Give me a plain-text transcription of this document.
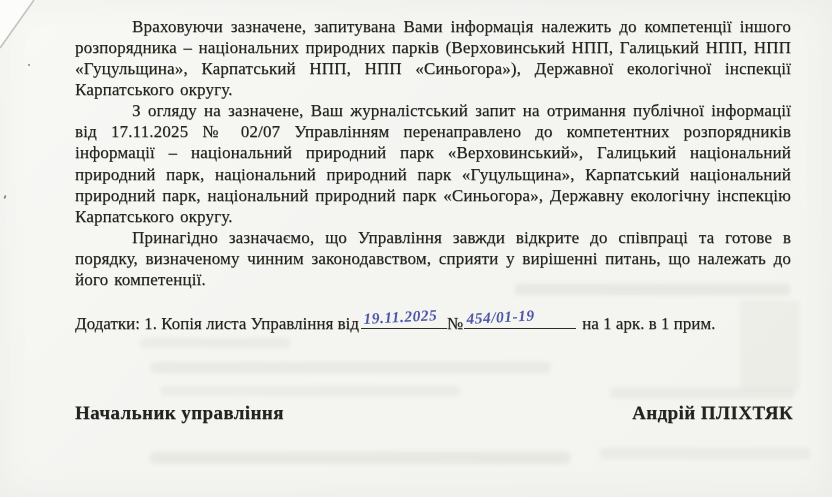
Враховуючи зазначене, запитувана Вами інформація належить до компетенції іншого розпорядника – національних природних парків (Верховинський НПП, Галицький НПП, НПП «Гуцульщина», Карпатський НПП, НПП «Синьогора»), Державної екологічної інспекції Карпатського округу.

З огляду на зазначене, Ваш журналістський запит на отримання публічної інформації від 17.11.2025 № 02/07 Управлінням перенаправлено до компетентних розпорядників інформації – національний природний парк «Верховинський», Галицький національний природний парк, національний природний парк «Гуцульщина», Карпатський національний природний парк, національний природний парк «Синьогора», Державну екологічну інспекцію Карпатського округу.

Принагідно зазначаємо, що Управління завжди відкрите до співпраці та готове в порядку, визначеному чинним законодавством, сприяти у вирішенні питань, що належать до його компетенції.

Додатки: 1. Копія листа Управління від 19.11.2025 № 454/01-19	на 1 арк. в 1 прим.
Начальник управління	Андрій ПЛІХТЯК
